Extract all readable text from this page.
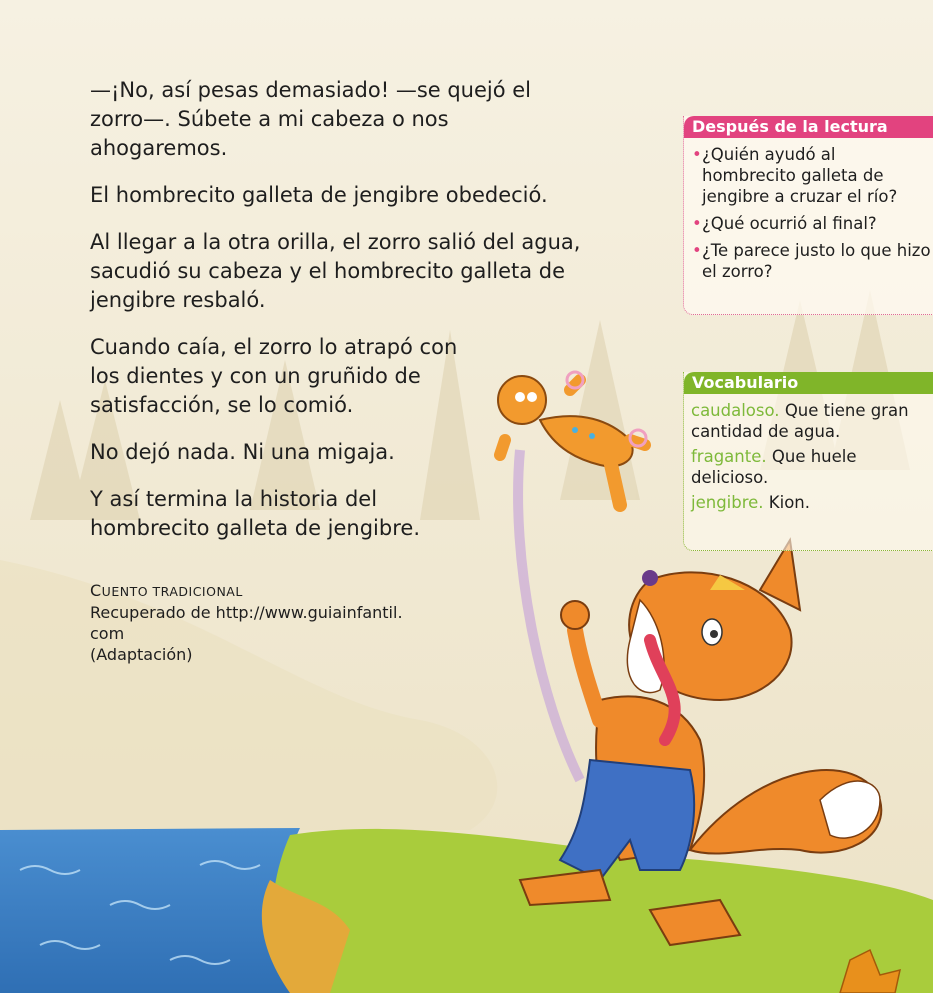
—¡No, así pesas demasiado! —se quejó el zorro—. Súbete a mi cabeza o nos ahogaremos.

El hombrecito galleta de jengibre obedeció.

Al llegar a la otra orilla, el zorro salió del agua, sacudió su cabeza y el hombrecito galleta de jengibre resbaló.

Cuando caía, el zorro lo atrapó con los dientes y con un gruñido de satisfacción, se lo comió.

No dejó nada. Ni una migaja.

Y así termina la historia del hombrecito galleta de jengibre.

CUENTO TRADICIONAL
Recuperado de http://www.guiainfantil.
com
(Adaptación)
Después de la lectura
• ¿Quién ayudó al hombrecito galleta de jengibre a cruzar el río?
• ¿Qué ocurrió al final?
• ¿Te parece justo lo que hizo el zorro?
Vocabulario
caudaloso. Que tiene gran cantidad de agua.
fragante. Que huele delicioso.
jengibre. Kion.
